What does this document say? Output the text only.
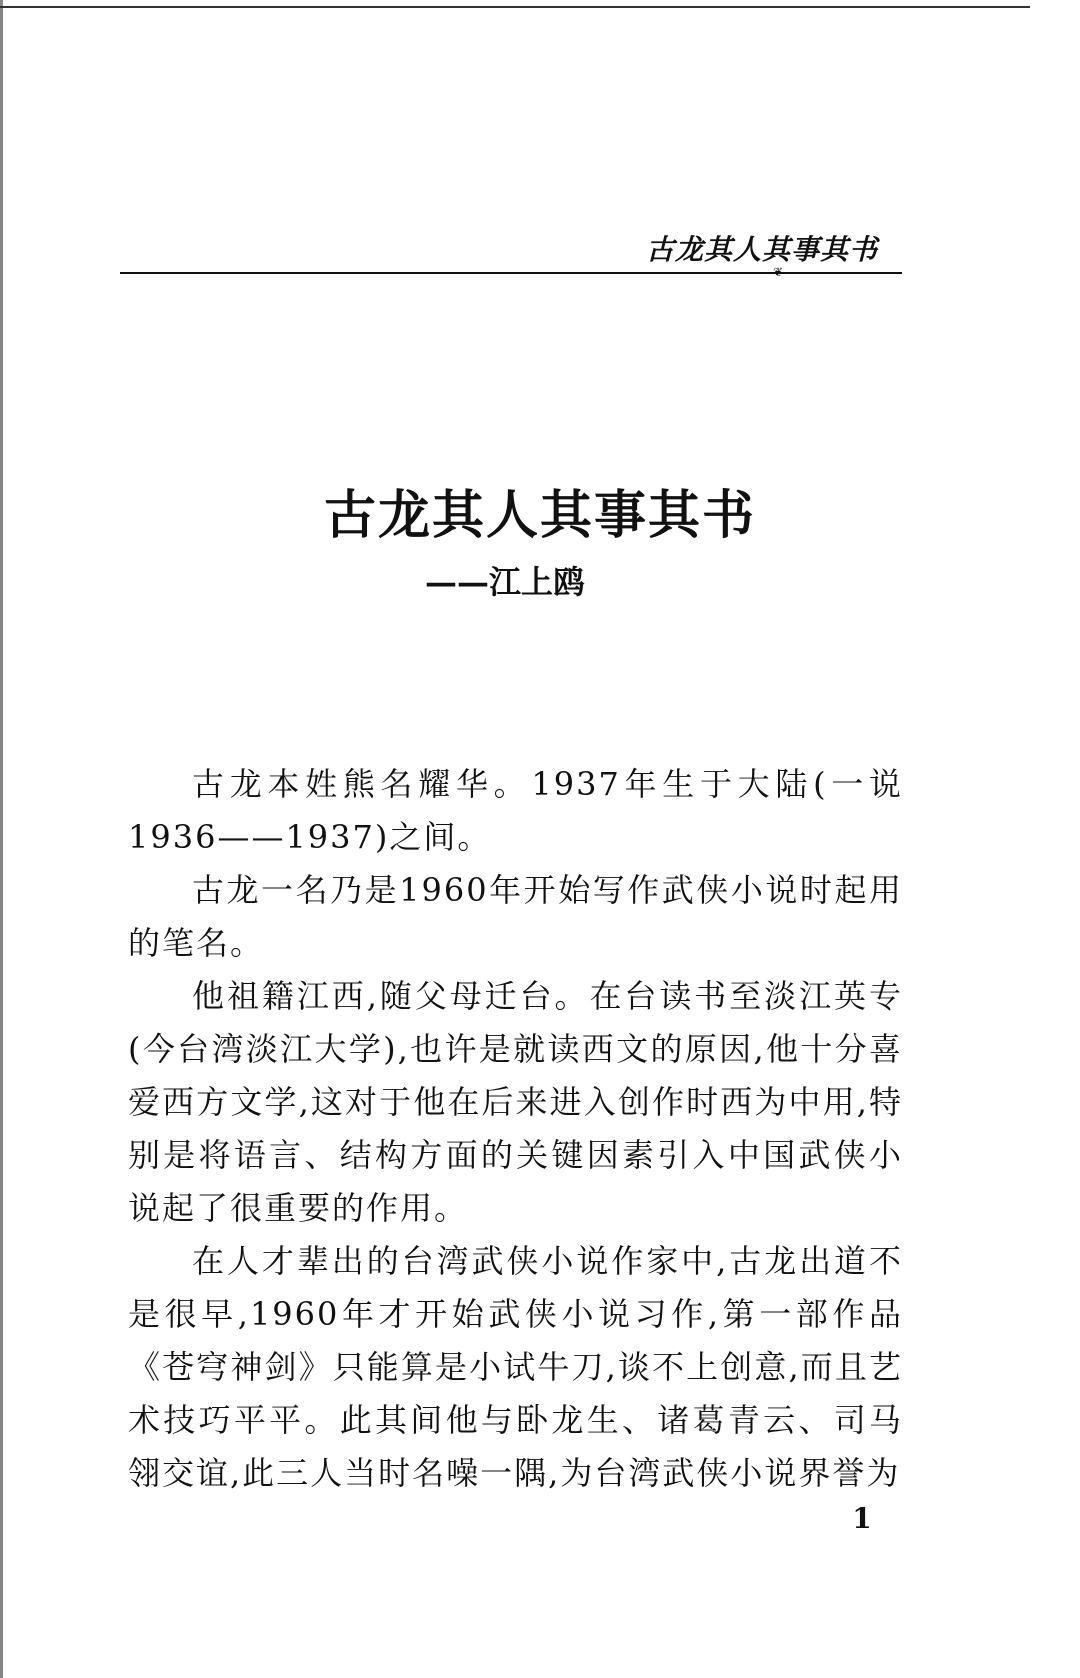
古龙其人其事其书
❦
古龙其人其事其书
——江上鸥

古龙本姓熊名耀华。1937年生于大陆(一说1936——1937)之间。

古龙一名乃是1960年开始写作武侠小说时起用的笔名。

他祖籍江西,随父母迁台。在台读书至淡江英专(今台湾淡江大学),也许是就读西文的原因,他十分喜爱西方文学,这对于他在后来进入创作时西为中用,特别是将语言、结构方面的关键因素引入中国武侠小说起了很重要的作用。

在人才辈出的台湾武侠小说作家中,古龙出道不是很早,1960年才开始武侠小说习作,第一部作品《苍穹神剑》只能算是小试牛刀,谈不上创意,而且艺术技巧平平。此其间他与卧龙生、诸葛青云、司马翎交谊,此三人当时名噪一隅,为台湾武侠小说界誉为

1
